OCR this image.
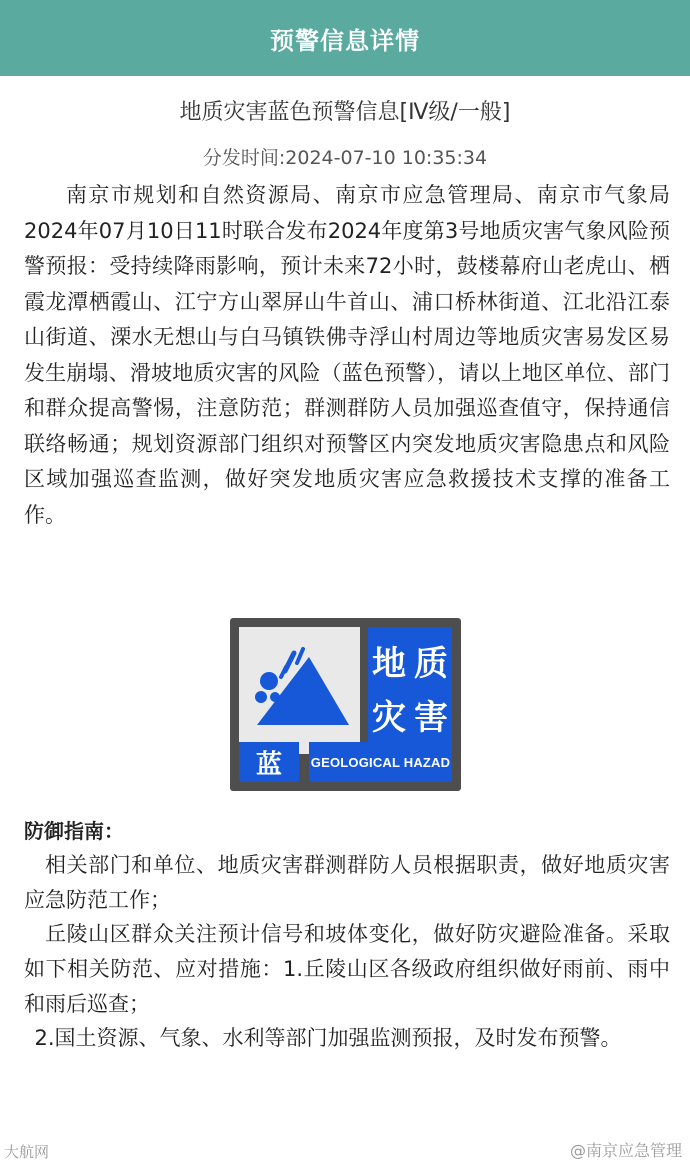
预警信息详情
地质灾害蓝色预警信息[Ⅳ级/一般]
分发时间:2024-07-10 10:35:34
南京市规划和自然资源局、南京市应急管理局、南京市气象局2024年07月10日11时联合发布2024年度第3号地质灾害气象风险预警预报：受持续降雨影响，预计未来72小时，鼓楼幕府山老虎山、栖霞龙潭栖霞山、江宁方山翠屏山牛首山、浦口桥林街道、江北沿江泰山街道、溧水无想山与白马镇铁佛寺浮山村周边等地质灾害易发区易发生崩塌、滑坡地质灾害的风险（蓝色预警），请以上地区单位、部门和群众提高警惕，注意防范；群测群防人员加强巡查值守，保持通信联络畅通；规划资源部门组织对预警区内突发地质灾害隐患点和风险区域加强巡查监测，做好突发地质灾害应急救援技术支撑的准备工作。
地 质
灾 害
蓝	GEOLOGICAL HAZAD
防御指南：
相关部门和单位、地质灾害群测群防人员根据职责，做好地质灾害应急防范工作；
丘陵山区群众关注预计信号和坡体变化，做好防灾避险准备。采取如下相关防范、应对措施：1.丘陵山区各级政府组织做好雨前、雨中和雨后巡查；
2.国土资源、气象、水利等部门加强监测预报，及时发布预警。
大航网	@南京应急管理
